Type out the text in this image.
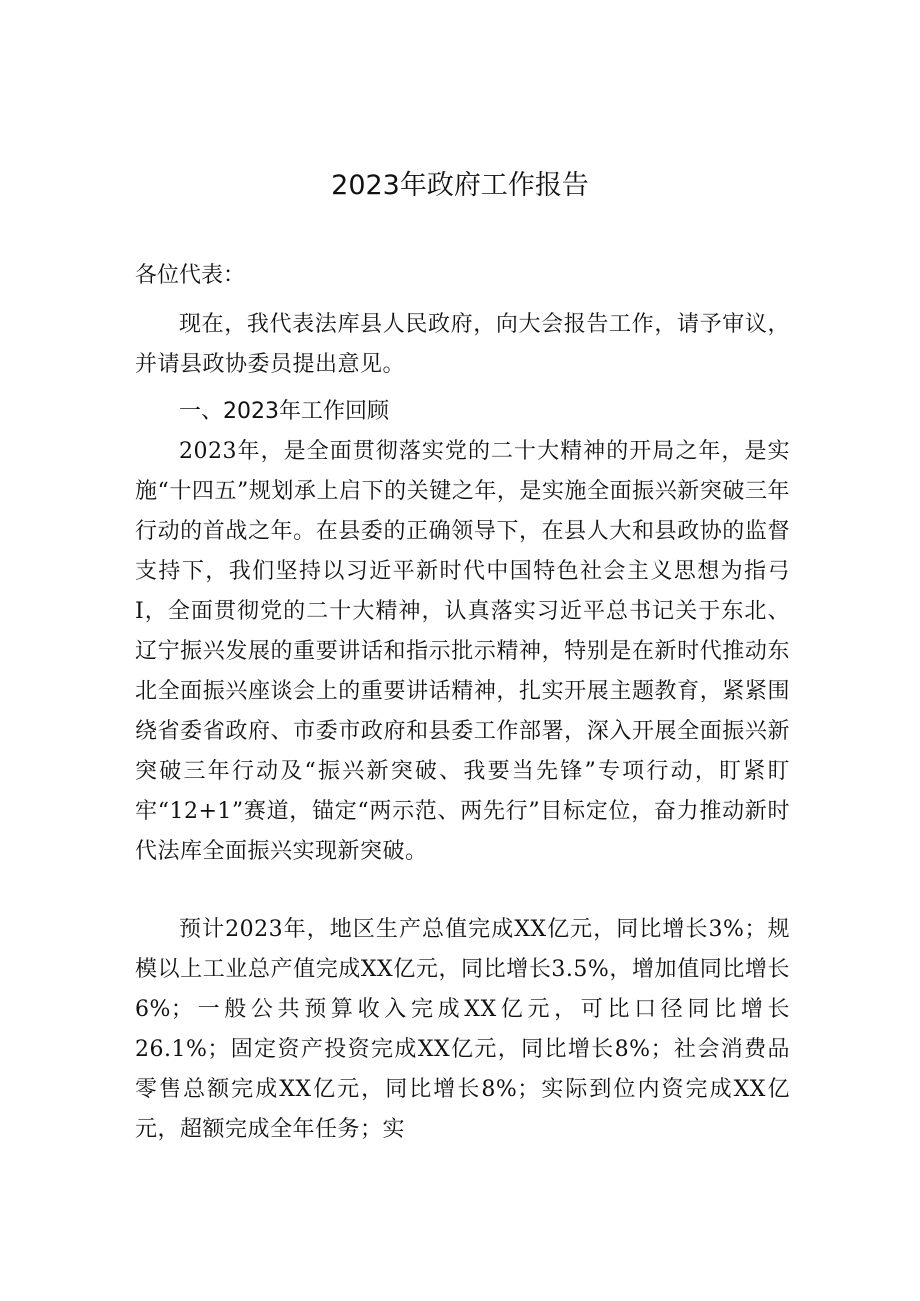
2023年政府工作报告

各位代表：

现在，我代表法库县人民政府，向大会报告工作，请予审议，并请县政协委员提出意见。

一、2023年工作回顾

2023年，是全面贯彻落实党的二十大精神的开局之年，是实施“十四五”规划承上启下的关键之年，是实施全面振兴新突破三年行动的首战之年。在县委的正确领导下，在县人大和县政协的监督支持下，我们坚持以习近平新时代中国特色社会主义思想为指弓I，全面贯彻党的二十大精神，认真落实习近平总书记关于东北、辽宁振兴发展的重要讲话和指示批示精神，特别是在新时代推动东北全面振兴座谈会上的重要讲话精神，扎实开展主题教育，紧紧围绕省委省政府、市委市政府和县委工作部署，深入开展全面振兴新突破三年行动及“振兴新突破、我要当先锋”专项行动，盯紧盯牢“12+1”赛道，锚定“两示范、两先行”目标定位，奋力推动新时代法库全面振兴实现新突破。

预计2023年，地区生产总值完成XX亿元，同比增长3%；规模以上工业总产值完成XX亿元，同比增长3.5%，增加值同比增长6%；一般公共预算收入完成XX亿元，可比口径同比增长26.1%；固定资产投资完成XX亿元，同比增长8%；社会消费品零售总额完成XX亿元，同比增长8%；实际到位内资完成XX亿元，超额完成全年任务；实
